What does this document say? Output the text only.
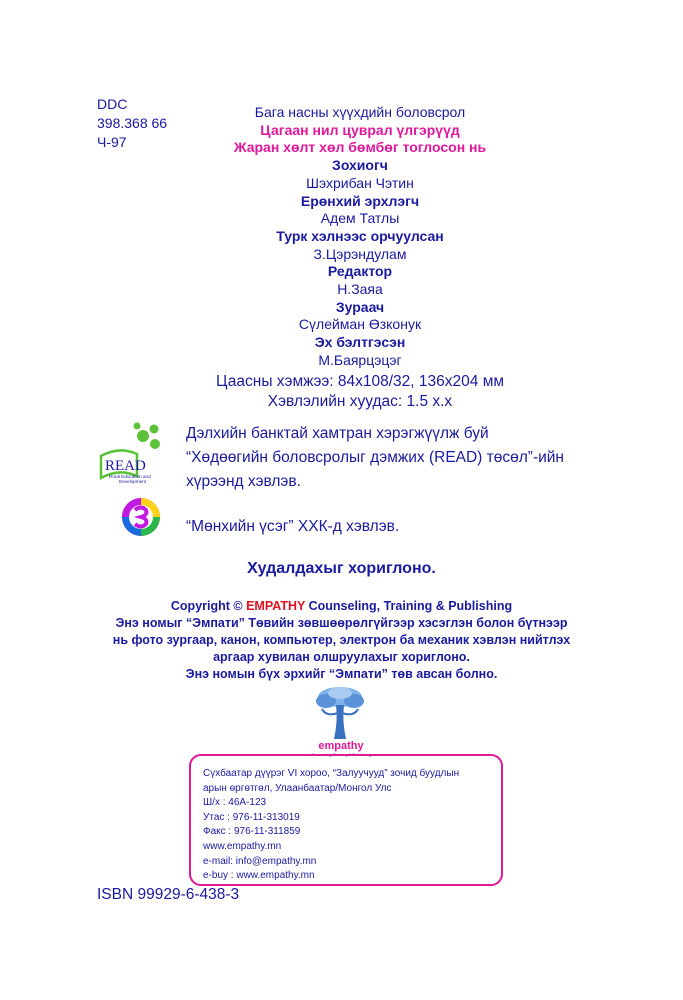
DDC
398.368 66
Ч-97
Бага насны хүүхдийн боловсрол
Цагаан нил цуврал үлгэрүүд
Жаран хөлт хөл бөмбөг тоглосон нь
Зохиогч
Шэхрибан Чэтин
Ерөнхий эрхлэгч
Адем Татлы
Турк хэлнээс орчуулсан
З.Цэрэндулам
Редактор
Н.Заяа
Зураач
Сүлейман Өзконук
Эх бэлтгэсэн
М.Баярцэцэг
Цаасны хэмжээ: 84x108/32, 136x204 мм
Хэвлэлийн хуудас: 1.5 х.х
READ
Rural Education and
Development
Дэлхийн банктай хамтран хэрэгжүүлж буй
“Хөдөөгийн боловсролыг дэмжих (READ) төсөл”-ийн
хүрээнд хэвлэв.
“Мөнхийн үсэг” ХХК-д хэвлэв.
Худалдахыг хориглоно.
Copyright © EMPATHY Counseling, Training & Publishing
Энэ номыг “Эмпати” Төвийн зөвшөөрөлгүйгээр хэсэглэн болон бүтнээр
нь фото зургаар, канон, компьютер, электрон ба механик хэвлэн нийтлэх
аргаар хувилан олшруулахыг хориглоно.
Энэ номын бүх эрхийг “Эмпати” төв авсан болно.
empathy
Counseling, Training & Publishing
Сүхбаатар дүүрэг VI хороо, “Залуучууд” зочид буудлын
арын өргөтгөл, Улаанбаатар/Монгол Улс
Ш/х : 46А-123
Утас : 976-11-313019
Факс : 976-11-311859
www.empathy.mn
e-mail: info@empathy.mn
e-buy : www.empathy.mn
ISBN 99929-6-438-3
